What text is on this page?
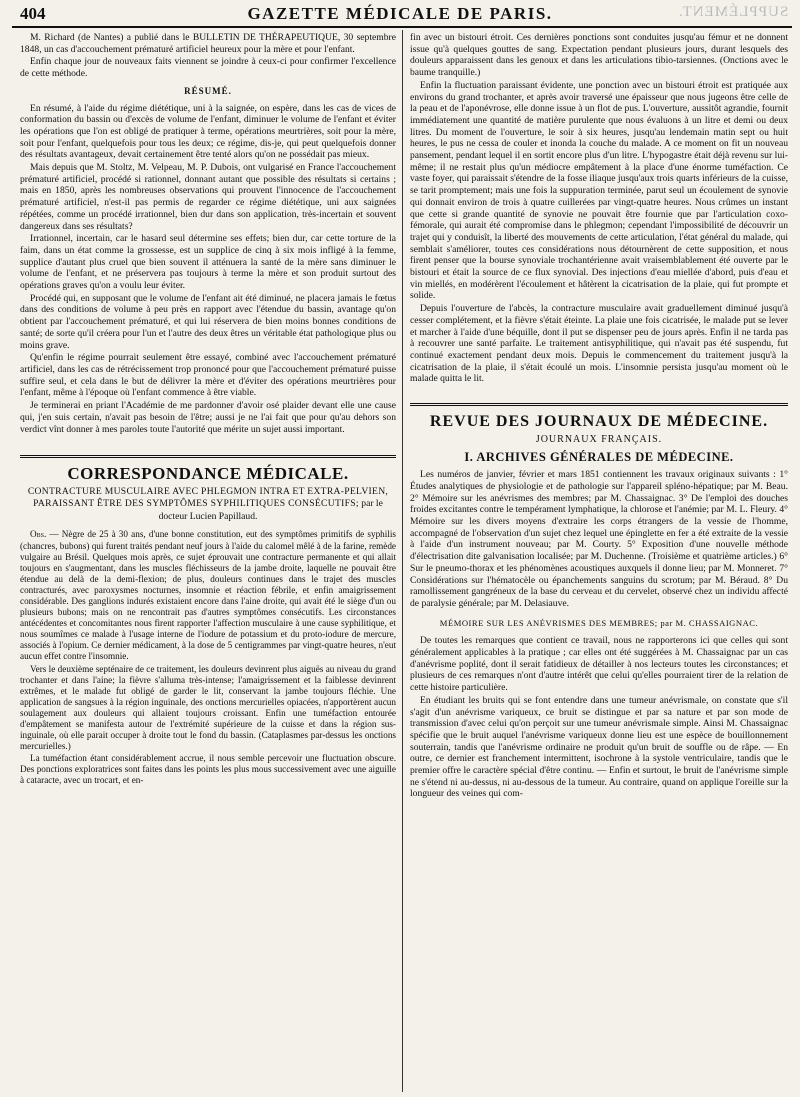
404	GAZETTE MÉDICALE DE PARIS.	SUPPLÉMENT.

M. Richard (de Nantes) a publié dans le BULLETIN DE THÉRAPEUTIQUE, 30 septembre 1848, un cas d'accouchement prématuré artificiel heureux pour la mère et pour l'enfant.

Enfin chaque jour de nouveaux faits viennent se joindre à ceux-ci pour confirmer l'excellence de cette méthode.

RÉSUMÉ.

En résumé, à l'aide du régime diététique, uni à la saignée, on espère, dans les cas de vices de conformation du bassin ou d'excès de volume de l'enfant, diminuer le volume de l'enfant et éviter les opérations que l'on est obligé de pratiquer à terme, opérations meurtrières, soit pour la mère, soit pour l'enfant, quelquefois pour tous les deux; ce régime, dis-je, qui peut quelquefois donner des résultats avantageux, devait certainement être tenté alors qu'on ne possédait pas mieux.

Mais depuis que M. Stoltz, M. Velpeau, M. P. Dubois, ont vulgarisé en France l'accouchement prématuré artificiel, procédé si rationnel, donnant autant que possible des résultats si certains ; mais en 1850, après les nombreuses observations qui prouvent l'innocence de l'accouchement prématuré artificiel, n'est-il pas permis de regarder ce régime diététique, uni aux saignées répétées, comme un procédé irrationnel, bien dur dans son application, très-incertain et souvent dangereux dans ses résultats?

Irrationnel, incertain, car le hasard seul détermine ses effets; bien dur, car cette torture de la faim, dans un état comme la grossesse, est un supplice de cinq à six mois infligé à la femme, supplice d'autant plus cruel que bien souvent il atténuera la santé de la mère sans diminuer le volume de l'enfant, et ne préservera pas toujours à terme la mère et son produit surtout des opérations graves qu'on a voulu leur éviter.

Procédé qui, en supposant que le volume de l'enfant ait été diminué, ne placera jamais le fœtus dans des conditions de volume à peu près en rapport avec l'étendue du bassin, avantage qu'on obtient par l'accouchement prématuré, et qui lui réservera de bien moins bonnes conditions de santé; de sorte qu'il créera pour l'un et l'autre des deux êtres un véritable état pathologique plus ou moins grave.

Qu'enfin le régime pourrait seulement être essayé, combiné avec l'accouchement prématuré artificiel, dans les cas de rétrécissement trop prononcé pour que l'accouchement prématuré puisse suffire seul, et cela dans le but de délivrer la mère et d'éviter des opérations meurtrières pour l'enfant, même à l'époque où l'enfant commence à être viable.

Je terminerai en priant l'Académie de me pardonner d'avoir osé plaider devant elle une cause qui, j'en suis certain, n'avait pas besoin de l'être; aussi je ne l'ai fait que pour qu'au dehors son verdict vînt donner à mes paroles toute l'autorité que mérite un sujet aussi important.

CORRESPONDANCE MÉDICALE.
CONTRACTURE MUSCULAIRE AVEC PHLEGMON INTRA ET EXTRA-PELVIEN, PARAISSANT ÊTRE DES SYMPTÔMES SYPHILITIQUES CONSÉCUTIFS; par le docteur Lucien Papillaud.

Obs. — Nègre de 25 à 30 ans, d'une bonne constitution, eut des symptômes primitifs de syphilis (chancres, bubons) qui furent traités pendant neuf jours à l'aide du calomel mêlé à de la farine, remède vulgaire au Brésil. Quelques mois après, ce sujet éprouvait une contracture permanente et qui allait toujours en s'augmentant, dans les muscles fléchisseurs de la jambe droite, laquelle ne pouvait être étendue au delà de la demi-flexion; de plus, douleurs continues dans le trajet des muscles contracturés, avec paroxysmes nocturnes, insomnie et réaction fébrile, et enfin amaigrissement considérable. Des ganglions indurés existaient encore dans l'aine droite, qui avait été le siège d'un ou plusieurs bubons; mais on ne rencontrait pas d'autres symptômes consécutifs. Les circonstances antécédentes et concomitantes nous firent rapporter l'affection musculaire à une cause syphilitique, et nous soumîmes ce malade à l'usage interne de l'iodure de potassium et du proto-iodure de mercure, associés à l'opium. Ce dernier médicament, à la dose de 5 centigrammes par vingt-quatre heures, n'eut aucun effet contre l'insomnie.

Vers le deuxième septénaire de ce traitement, les douleurs devinrent plus aiguës au niveau du grand trochanter et dans l'aine; la fièvre s'alluma très-intense; l'amaigrissement et la faiblesse devinrent extrêmes, et le malade fut obligé de garder le lit, conservant la jambe toujours fléchie. Une application de sangsues à la région inguinale, des onctions mercurielles opiacées, n'apportèrent aucun soulagement aux douleurs qui allaient toujours croissant. Enfin une tuméfaction entourée d'empâtement se manifesta autour de l'extrémité supérieure de la cuisse et dans la région sus-inguinale, où elle parait occuper à droite tout le fond du bassin. (Cataplasmes par-dessus les onctions mercurielles.)

La tuméfaction étant considérablement accrue, il nous semble percevoir une fluctuation obscure. Des ponctions exploratrices sont faites dans les points les plus mous successivement avec une aiguille à cataracte, avec un trocart, et en-

fin avec un bistouri étroit. Ces dernières ponctions sont conduites jusqu'au fémur et ne donnent issue qu'à quelques gouttes de sang. Expectation pendant plusieurs jours, durant lesquels des douleurs apparaissent dans les genoux et dans les articulations tibio-tarsiennes. (Onctions avec le baume tranquille.)

Enfin la fluctuation paraissant évidente, une ponction avec un bistouri étroit est pratiquée aux environs du grand trochanter, et après avoir traversé une épaisseur que nous jugeons être celle de la peau et de l'aponévrose, elle donne issue à un flot de pus. L'ouverture, aussitôt agrandie, fournit immédiatement une quantité de matière purulente que nous évaluons à un litre et demi ou deux litres. Du moment de l'ouverture, le soir à six heures, jusqu'au lendemain matin sept ou huit heures, le pus ne cessa de couler et inonda la couche du malade. A ce moment on fit un nouveau pansement, pendant lequel il en sortit encore plus d'un litre. L'hypogastre était déjà revenu sur lui-même; il ne restait plus qu'un médiocre empâtement à la place d'une énorme tuméfaction. Ce vaste foyer, qui paraissait s'étendre de la fosse iliaque jusqu'aux trois quarts inférieurs de la cuisse, se tarit promptement; mais une fois la suppuration terminée, parut seul un écoulement de synovie qui donnait environ de trois à quatre cuillerées par vingt-quatre heures. Nous crûmes un instant que cette si grande quantité de synovie ne pouvait être fournie que par l'articulation coxo-fémorale, qui aurait été compromise dans le phlegmon; cependant l'impossibilité de découvrir un trajet qui y conduisît, la liberté des mouvements de cette articulation, l'état général du malade, qui semblait s'améliorer, toutes ces considérations nous détournèrent de cette supposition, et nous firent penser que la bourse synoviale trochantérienne avait vraisemblablement été ouverte par le bistouri et était la source de ce flux synovial. Des injections d'eau miellée d'abord, puis d'eau et vin miellés, en modérèrent l'écoulement et hâtèrent la cicatrisation de la plaie, qui fut prompte et solide.

Depuis l'ouverture de l'abcès, la contracture musculaire avait graduellement diminué jusqu'à cesser complétement, et la fièvre s'était éteinte. La plaie une fois cicatrisée, le malade put se lever et marcher à l'aide d'une béquille, dont il put se dispenser peu de jours après. Enfin il ne tarda pas à recouvrer une santé parfaite. Le traitement antisyphilitique, qui n'avait pas été suspendu, fut continué exactement pendant deux mois. Depuis le commencement du traitement jusqu'à la cicatrisation de la plaie, il s'était écoulé un mois. L'insomnie persista jusqu'au moment où le malade quitta le lit.

REVUE DES JOURNAUX DE MÉDECINE.
JOURNAUX FRANÇAIS.
I. ARCHIVES GÉNÉRALES DE MÉDECINE.

Les numéros de janvier, février et mars 1851 contiennent les travaux originaux suivants : 1° Études analytiques de physiologie et de pathologie sur l'appareil spléno-hépatique; par M. Beau. 2° Mémoire sur les anévrismes des membres; par M. Chassaignac. 3° De l'emploi des douches froides excitantes contre le tempérament lymphatique, la chlorose et l'anémie; par M. L. Fleury. 4° Mémoire sur les divers moyens d'extraire les corps étrangers de la vessie de l'homme, accompagné de l'observation d'un sujet chez lequel une épinglette en fer a été extraite de la vessie à l'aide d'un instrument nouveau; par M. Courty. 5° Exposition d'une nouvelle méthode d'électrisation dite galvanisation localisée; par M. Duchenne. (Troisième et quatrième articles.) 6° Sur le pneumo-thorax et les phénomènes acoustiques auxquels il donne lieu; par M. Monneret. 7° Considérations sur l'hématocèle ou épanchements sanguins du scrotum; par M. Béraud. 8° Du ramollissement gangréneux de la base du cerveau et du cervelet, observé chez un individu affecté de paralysie générale; par M. Delasiauve.

MÉMOIRE SUR LES ANÉVRISMES DES MEMBRES; par M. CHASSAIGNAC.

De toutes les remarques que contient ce travail, nous ne rapporterons ici que celles qui sont généralement applicables à la pratique ; car elles ont été suggérées à M. Chassaignac par un cas d'anévrisme poplité, dont il serait fatidieux de détailler à nos lecteurs toutes les circonstances; et plusieurs de ces remarques n'ont d'autre intérêt que celui qu'elles pourraient tirer de la relation de cette histoire particulière.

En étudiant les bruits qui se font entendre dans une tumeur anévrismale, on constate que s'il s'agit d'un anévrisme variqueux, ce bruit se distingue et par sa nature et par son mode de transmission d'avec celui qu'on perçoit sur une tumeur anévrismale simple. Ainsi M. Chassaignac spécifie que le bruit auquel l'anévrisme variqueux donne lieu est une espèce de bouillonnement souterrain, tandis que l'anévrisme ordinaire ne produit qu'un bruit de souffle ou de râpe. — En outre, ce dernier est franchement intermittent, isochrone à la systole ventriculaire, tandis que le premier offre le caractère spécial d'être continu. — Enfin et surtout, le bruit de l'anévrisme simple ne s'étend ni au-dessus, ni au-dessous de la tumeur. Au contraire, quand on applique l'oreille sur la longueur des veines qui com-
